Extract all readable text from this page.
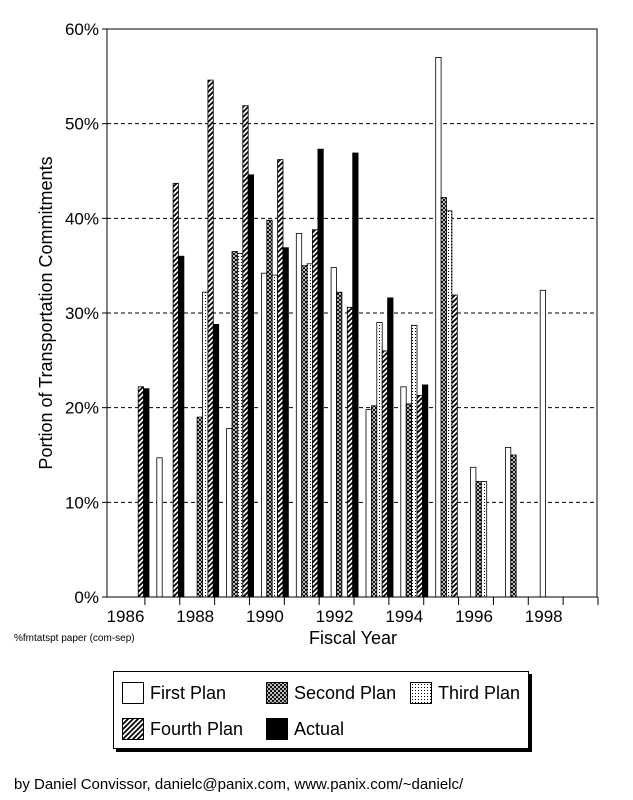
0%
10%
20%
30%
40%
50%
60%
1986 1988 1990 1992 1994 1996 1998
Fiscal Year
Portion of Transportation Commitments
%fmtatspt paper (com-sep)
First Plan	Second Plan Third Plan
Fourth Plan	Actual
by Daniel Convissor, danielc@panix.com, www.panix.com/~danielc/
